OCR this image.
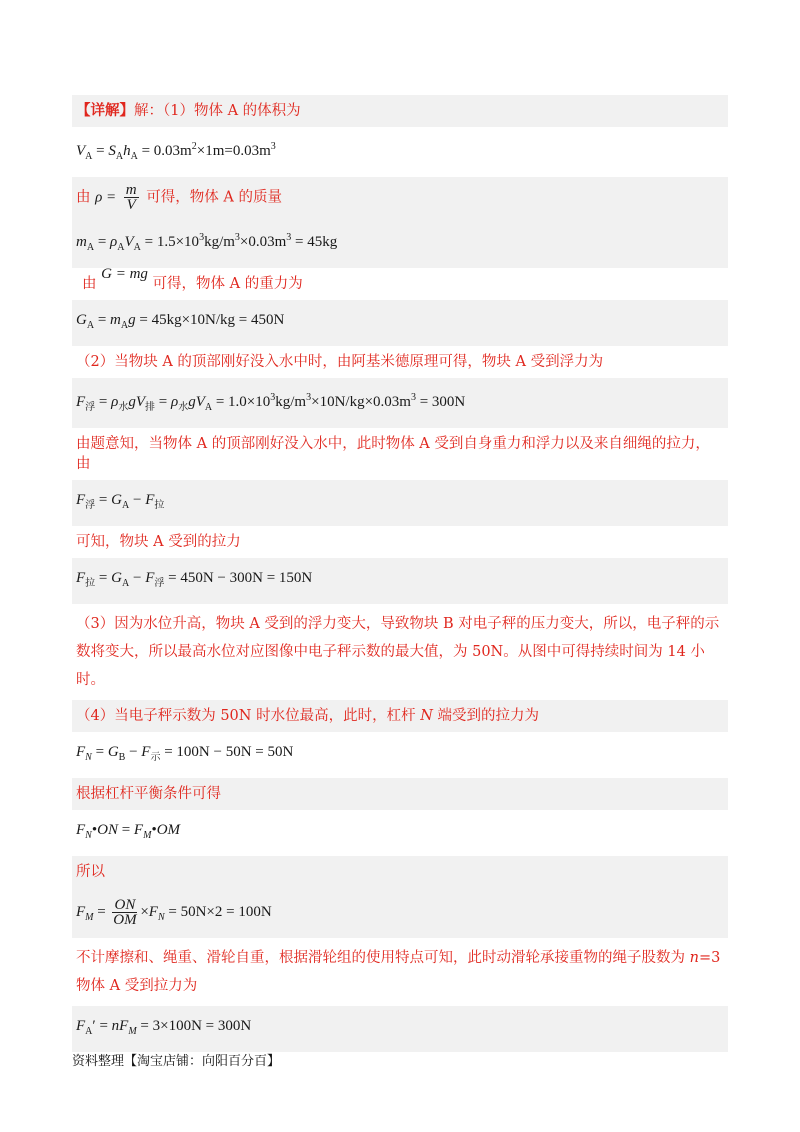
【详解】解：（1）物体 A 的体积为
$V_A = S_Ah_A = 0.03m^2\times 1m=0.03m^3$
由 $\rho = \frac{m}{V}$ 可得，物体 A 的质量
$m_A = \rho_AV_A = 1.5\times 10^3kg/m^3\times 0.03m^3 = 45kg$
由 G = mg 可得，物体 A 的重力为
$G_A = m_Ag = 45kg\times 10N/kg = 450N$
（2）当物块 A 的顶部刚好没入水中时，由阿基米德原理可得，物块 A 受到浮力为
$F_浮 = \rho_水gV_排 = \rho_水gV_A = 1.0\times 10^3kg/m^3\times 10N/kg\times 0.03m^3 = 300N$
由题意知，当物体 A 的顶部刚好没入水中，此时物体 A 受到自身重力和浮力以及来自细绳的拉力，由
$F_浮 = G_A - F_拉$
可知，物块 A 受到的拉力
$F_拉 = G_A - F_浮 = 450N - 300N = 150N$
（3）因为水位升高，物块 A 受到的浮力变大，导致物块 B 对电子秤的压力变大，所以，电子秤的示数将变大，所以最高水位对应图像中电子秤示数的最大值，为 50N。从图中可得持续时间为 14 小时。
（4）当电子秤示数为 50N 时水位最高，此时，杠杆 N 端受到的拉力为
$F_N = G_B - F_示 = 100N - 50N = 50N$
根据杠杆平衡条件可得
$F_N•ON$ = $F_M•OM$
所以
$F_M = \frac{ON}{OM} \times F_N = 50N\times 2 = 100N$
不计摩擦和、绳重、滑轮自重，根据滑轮组的使用特点可知，此时动滑轮承接重物的绳子股数为 n=3 物体 A 受到拉力为
$F_A' = nF_M = 3\times 100N = 300N$
资料整理【淘宝店铺：向阳百分百】
